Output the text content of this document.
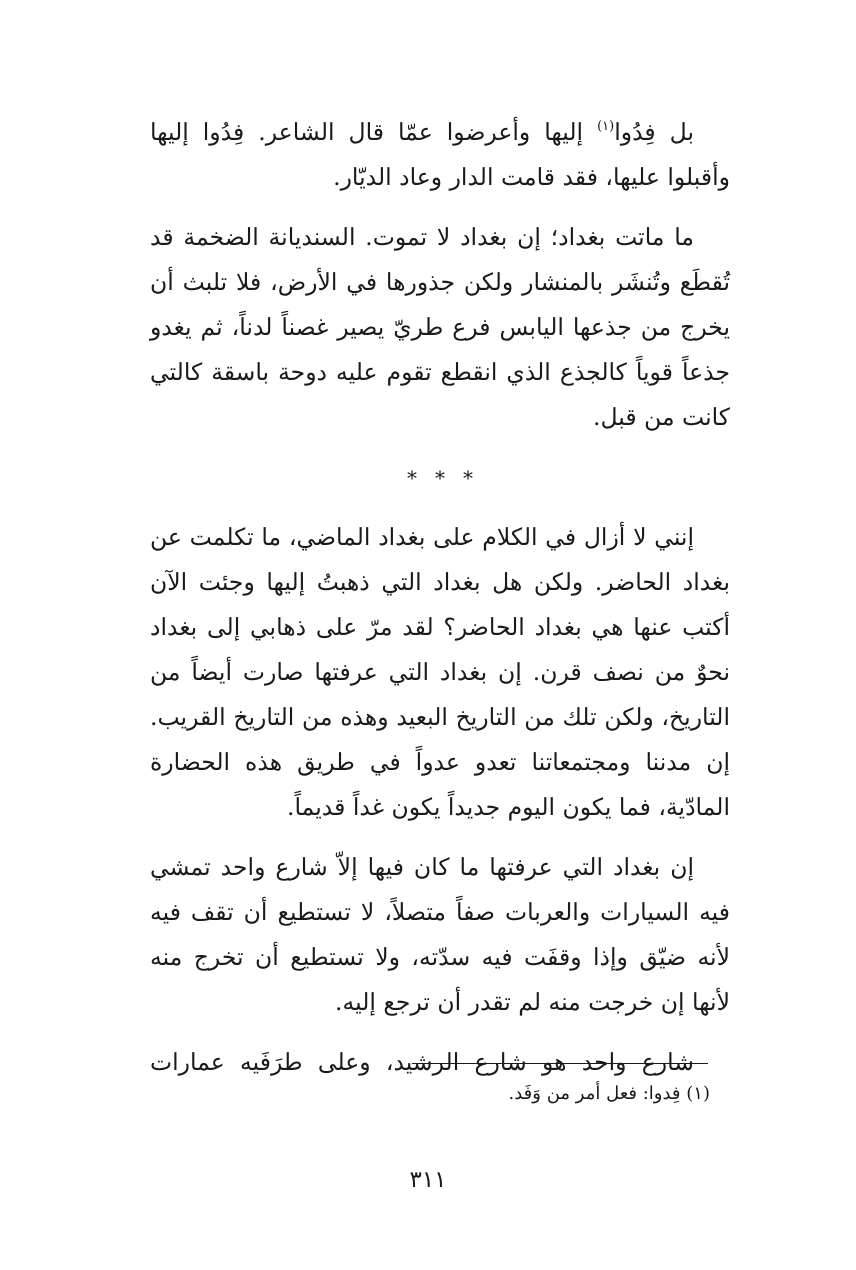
بل فِدُوا$^{(١)}$ إليها وأعرضوا عمّا قال الشاعر. فِدُوا إليها وأقبلوا عليها، فقد قامت الدار وعاد الديّار.

ما ماتت بغداد؛ إن بغداد لا تموت. السنديانة الضخمة قد تُقطَع وتُنشَر بالمنشار ولكن جذورها في الأرض، فلا تلبث أن يخرج من جذعها اليابس فرع طريّ يصير غصناً لدناً، ثم يغدو جذعاً قوياً كالجذع الذي انقطع تقوم عليه دوحة باسقة كالتي كانت من قبل.

* * *

إنني لا أزال في الكلام على بغداد الماضي، ما تكلمت عن بغداد الحاضر. ولكن هل بغداد التي ذهبتُ إليها وجئت الآن أكتب عنها هي بغداد الحاضر؟ لقد مرّ على ذهابي إلى بغداد نحوٌ من نصف قرن. إن بغداد التي عرفتها صارت أيضاً من التاريخ، ولكن تلك من التاريخ البعيد وهذه من التاريخ القريب. إن مدننا ومجتمعاتنا تعدو عدواً في طريق هذه الحضارة المادّية، فما يكون اليوم جديداً يكون غداً قديماً.

إن بغداد التي عرفتها ما كان فيها إلاّ شارع واحد تمشي فيه السيارات والعربات صفاً متصلاً، لا تستطيع أن تقف فيه لأنه ضيّق وإذا وقفَت فيه سدّته، ولا تستطيع أن تخرج منه لأنها إن خرجت منه لم تقدر أن ترجع إليه.

شارع واحد هو شارع الرشيد، وعلى طرَفَيه عمارات

(١) فِدوا: فعل أمر من وَفَد.
٣١١
